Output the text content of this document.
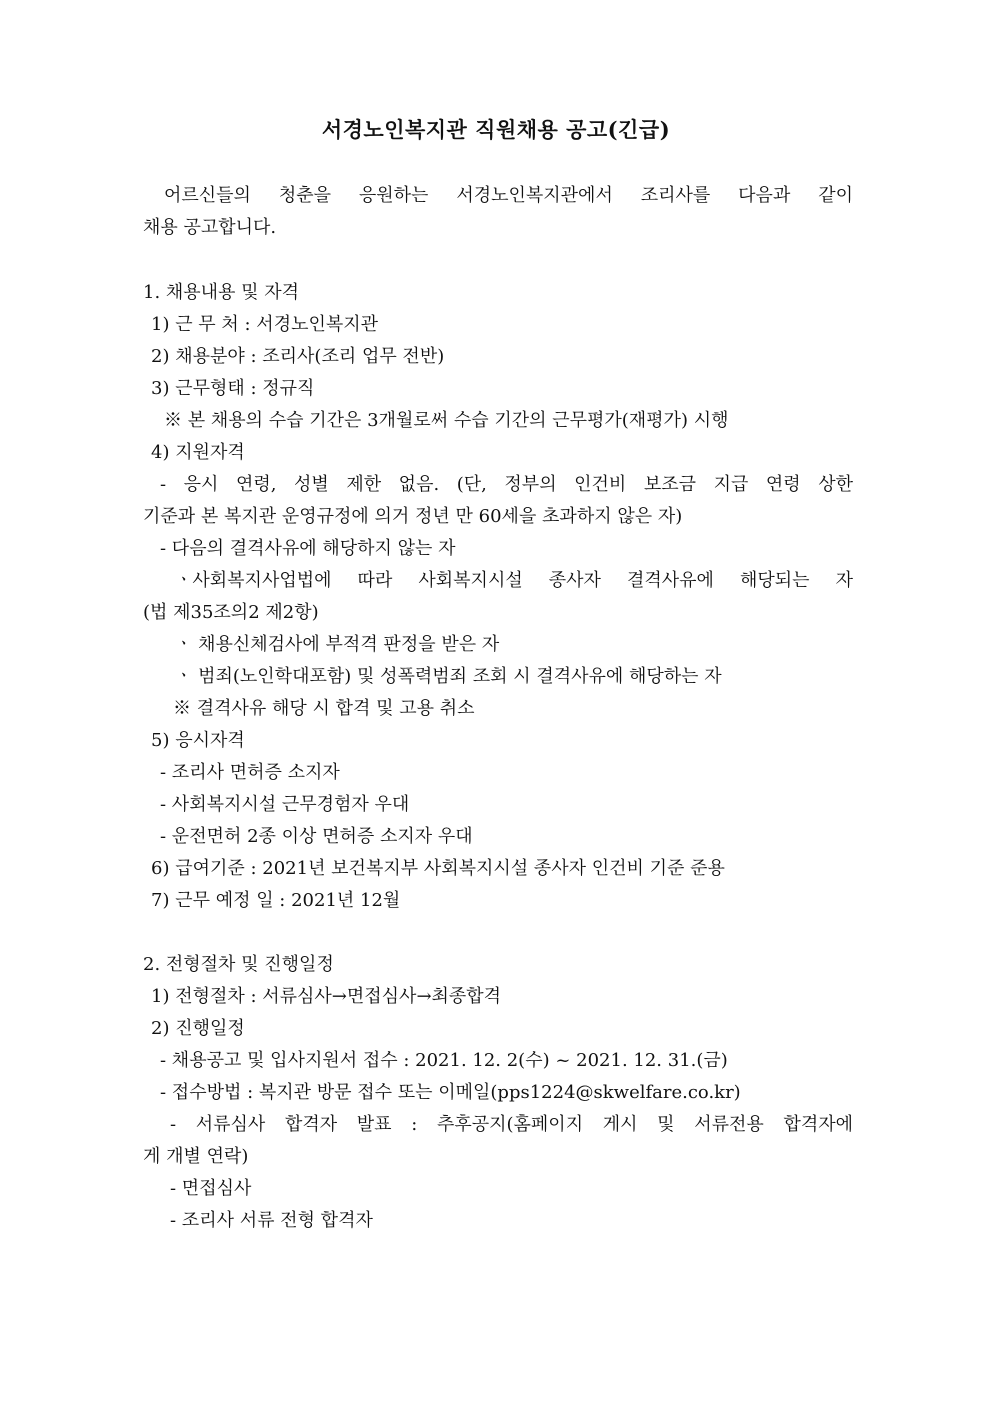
서경노인복지관 직원채용 공고(긴급)
어르신들의 청춘을 응원하는 서경노인복지관에서 조리사를 다음과 같이
채용 공고합니다.
1. 채용내용 및 자격
1) 근 무 처 : 서경노인복지관
2) 채용분야 : 조리사(조리 업무 전반)
3) 근무형태 : 정규직
※ 본 채용의 수습 기간은 3개월로써 수습 기간의 근무평가(재평가) 시행
4) 지원자격
- 응시 연령, 성별 제한 없음. (단, 정부의 인건비 보조금 지급 연령 상한
기준과 본 복지관 운영규정에 의거 정년 만 60세을 초과하지 않은 자)
- 다음의 결격사유에 해당하지 않는 자
ㆍ사회복지사업법에 따라 사회복지시설 종사자 결격사유에 해당되는 자
(법 제35조의2 제2항)
ㆍ 채용신체검사에 부적격 판정을 받은 자
ㆍ 범죄(노인학대포함) 및 성폭력범죄 조회 시 결격사유에 해당하는 자
※ 결격사유 해당 시 합격 및 고용 취소
5) 응시자격
- 조리사 면허증 소지자
- 사회복지시설 근무경험자 우대
- 운전면허 2종 이상 면허증 소지자 우대
6) 급여기준 : 2021년 보건복지부 사회복지시설 종사자 인건비 기준 준용
7) 근무 예정 일 : 2021년 12월
2. 전형절차 및 진행일정
1) 전형절차 : 서류심사→면접심사→최종합격
2) 진행일정
- 채용공고 및 입사지원서 접수 : 2021. 12. 2(수) ~ 2021. 12. 31.(금)
- 접수방법 : 복지관 방문 접수 또는 이메일(pps1224@skwelfare.co.kr)
- 서류심사 합격자 발표 : 추후공지(홈페이지 게시 및 서류전용 합격자에
게 개별 연락)
- 면접심사
- 조리사 서류 전형 합격자
